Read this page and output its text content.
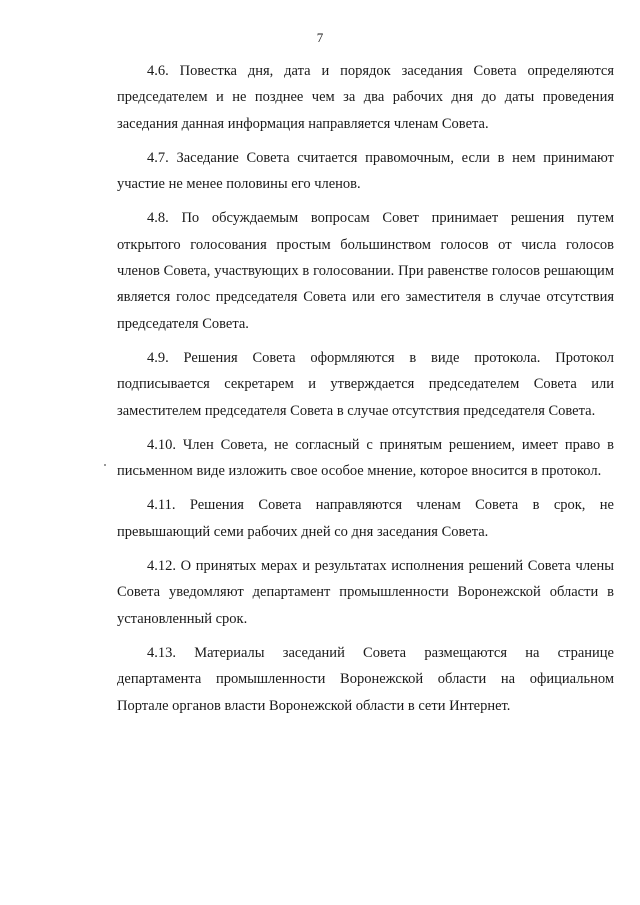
7

4.6. Повестка дня, дата и порядок заседания Совета определяются председателем и не позднее чем за два рабочих дня до даты проведения заседания данная информация направляется членам Совета.

4.7. Заседание Совета считается правомочным, если в нем принимают участие не менее половины его членов.

4.8. По обсуждаемым вопросам Совет принимает решения путем открытого голосования простым большинством голосов от числа голосов членов Совета, участвующих в голосовании. При равенстве голосов решающим является голос председателя Совета или его заместителя в случае отсутствия председателя Совета.

4.9. Решения Совета оформляются в виде протокола. Протокол подписывается секретарем и утверждается председателем Совета или заместителем председателя Совета в случае отсутствия председателя Совета.

4.10. Член Совета, не согласный с принятым решением, имеет право в письменном виде изложить свое особое мнение, которое вносится в протокол.

4.11. Решения Совета направляются членам Совета в срок, не превышающий семи рабочих дней со дня заседания Совета.

4.12. О принятых мерах и результатах исполнения решений Совета члены Совета уведомляют департамент промышленности Воронежской области в установленный срок.

4.13. Материалы заседаний Совета размещаются на странице департамента промышленности Воронежской области на официальном Портале органов власти Воронежской области в сети Интернет.
